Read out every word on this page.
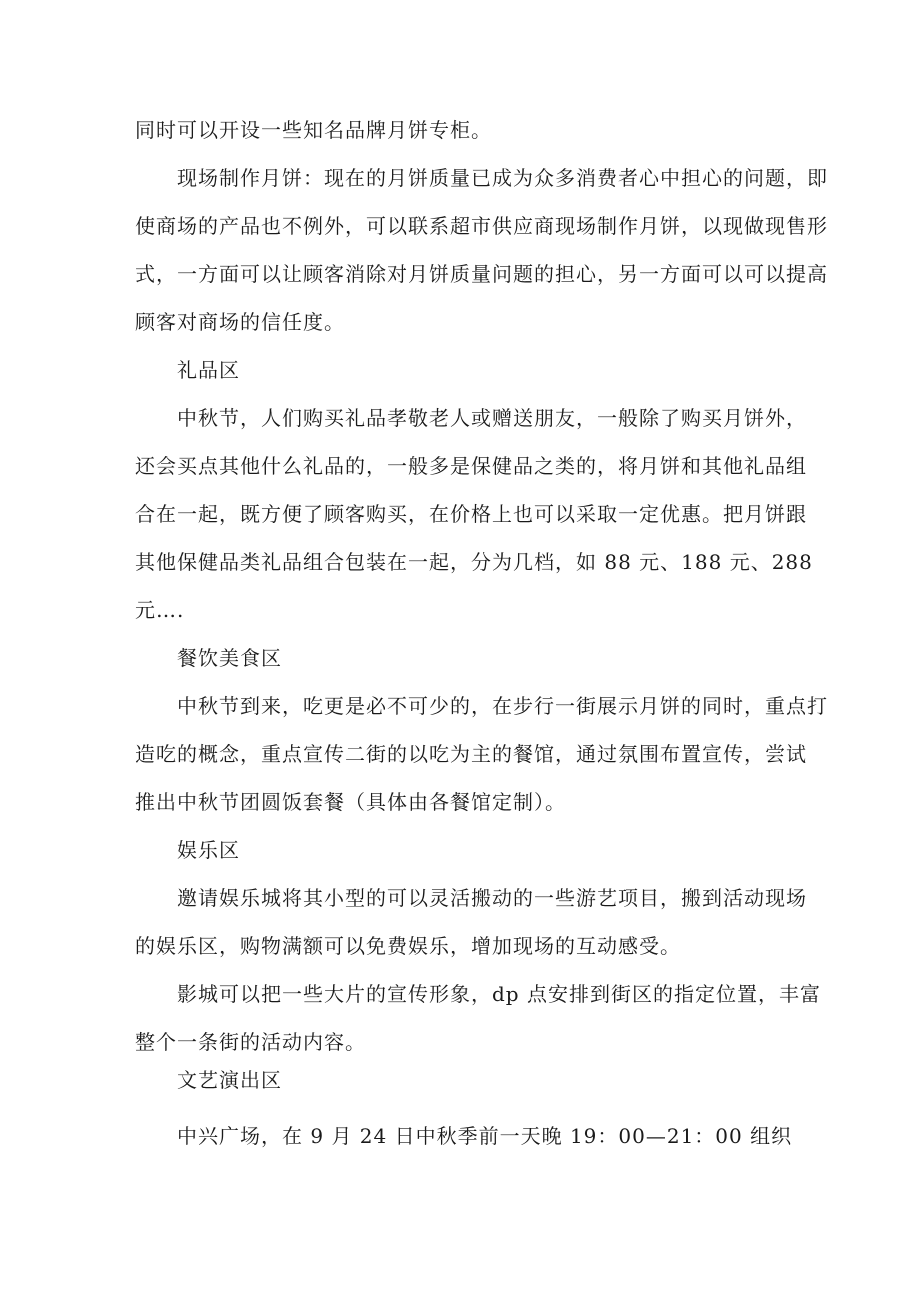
同时可以开设一些知名品牌月饼专柜。
现场制作月饼：现在的月饼质量已成为众多消费者心中担心的问题，即
使商场的产品也不例外，可以联系超市供应商现场制作月饼，以现做现售形
式，一方面可以让顾客消除对月饼质量问题的担心，另一方面可以可以提高
顾客对商场的信任度。
礼品区
中秋节，人们购买礼品孝敬老人或赠送朋友，一般除了购买月饼外，
还会买点其他什么礼品的，一般多是保健品之类的，将月饼和其他礼品组
合在一起，既方便了顾客购买，在价格上也可以采取一定优惠。把月饼跟
其他保健品类礼品组合包装在一起，分为几档，如 88 元、188 元、288
元….
餐饮美食区
中秋节到来，吃更是必不可少的，在步行一街展示月饼的同时，重点打
造吃的概念，重点宣传二街的以吃为主的餐馆，通过氛围布置宣传，尝试
推出中秋节团圆饭套餐（具体由各餐馆定制）。
娱乐区
邀请娱乐城将其小型的可以灵活搬动的一些游艺项目，搬到活动现场
的娱乐区，购物满额可以免费娱乐，增加现场的互动感受。
影城可以把一些大片的宣传形象，dp 点安排到街区的指定位置，丰富
整个一条街的活动内容。
文艺演出区
中兴广场，在 9 月 24 日中秋季前一天晚 19：00—21：00 组织
